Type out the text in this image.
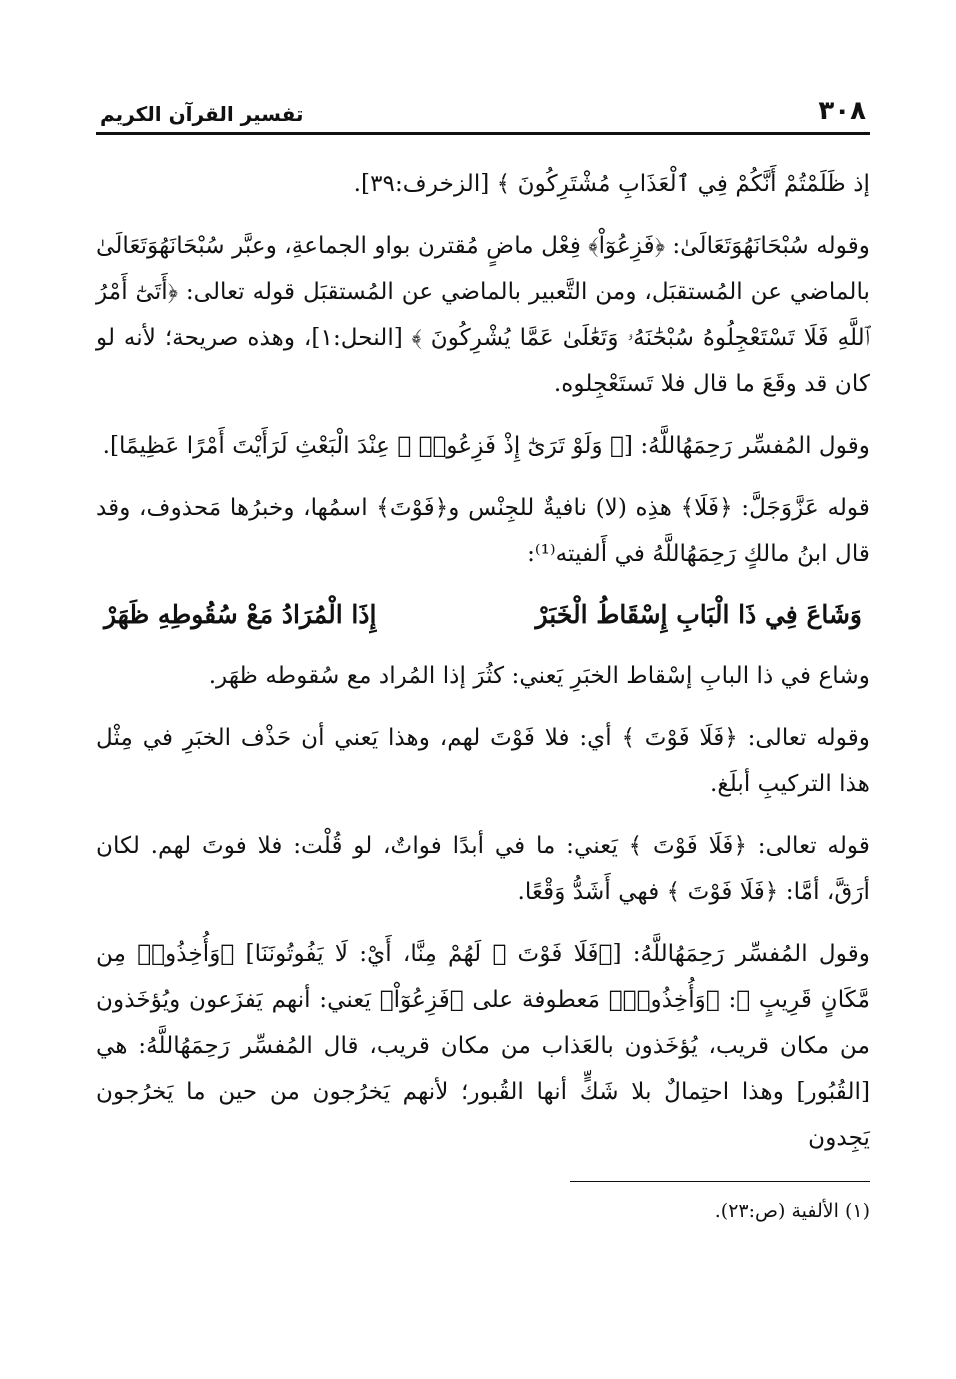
٣٠٨
تفسير القرآن الكريم

إذ ظَلَمْتُمْ أَنَّكُمْ فِي ٱلْعَذَابِ مُشْتَرِكُونَ ﴾ [الزخرف:٣٩].

وقوله سُبْحَانَهُوَتَعَالَىٰ: ﴿فَزِعُوٓاْ﴾ فِعْل ماضٍ مُقترن بواو الجماعةِ، وعبَّر سُبْحَانَهُوَتَعَالَىٰ بالماضي عن المُستقبَل، ومن التَّعبير بالماضي عن المُستقبَل قوله تعالى: ﴿أَتَىٰٓ أَمْرُ ٱللَّهِ فَلَا تَسْتَعْجِلُوهُ سُبْحَٰنَهُۥ وَتَعَٰلَىٰ عَمَّا يُشْرِكُونَ ﴾ [النحل:١]، وهذه صريحة؛ لأنه لو كان قد وقَعَ ما قال فلا تَستَعْجِلوه.

وقول المُفسِّر رَحِمَهُاللَّهُ: [﴿ وَلَوْ تَرَىٰٓ إِذْ فَزِعُوا۟ ﴾ عِنْدَ الْبَعْثِ لَرَأَيْتَ أَمْرًا عَظِيمًا].

قوله عَزَّوَجَلَّ: ﴿فَلَا﴾ هذِه (لا) نافيةٌ للجِنْس و﴿فَوْتَ﴾ اسمُها، وخبرُها مَحذوف، وقد قال ابنُ مالكٍ رَحِمَهُاللَّهُ في أَلفيته⁽¹⁾:

وَشَاعَ فِي ذَا الْبَابِ إِسْقَاطُ الْخَبَرْ
إِذَا الْمُرَادُ مَعْ سُقُوطِهِ ظَهَرْ

وشاع في ذا البابِ إسْقاط الخبَرِ يَعني: كثُرَ إذا المُراد مع سُقوطه ظهَر.

وقوله تعالى: ﴿فَلَا فَوْتَ ﴾ أي: فلا فَوْتَ لهم، وهذا يَعني أن حَذْف الخبَرِ في مِثْل هذا التركيبِ أبلَغ.

قوله تعالى: ﴿فَلَا فَوْتَ ﴾ يَعني: ما في أبدًا فواتٌ، لو قُلْت: فلا فوتَ لهم. لكان أرَقَّ، أمَّا: ﴿فَلَا فَوْتَ ﴾ فهي أَشَدُّ وَقْعًا.

وقول المُفسِّر رَحِمَهُاللَّهُ: [﴿فَلَا فَوْتَ ﴾ لَهُمْ مِنَّا، أَيْ: لَا يَفُوتُونَنَا] ﴿وَأُخِذُوا۟ مِن مَّكَانٍ قَرِيبٍ ﴾: ﴿وَأُخِذُوا۟﴾ مَعطوفة على ﴿فَزِعُوٓاْ﴾ يَعني: أنهم يَفزَعون ويُؤخَذون من مكان قريب، يُؤخَذون بالعَذاب من مكان قريب، قال المُفسِّر رَحِمَهُاللَّهُ: هي [القُبُور] وهذا احتِمالٌ بلا شَكٍّ أنها القُبور؛ لأنهم يَخرُجون من حين ما يَخرُجون يَجِدون

(١) الألفية (ص:٢٣).
